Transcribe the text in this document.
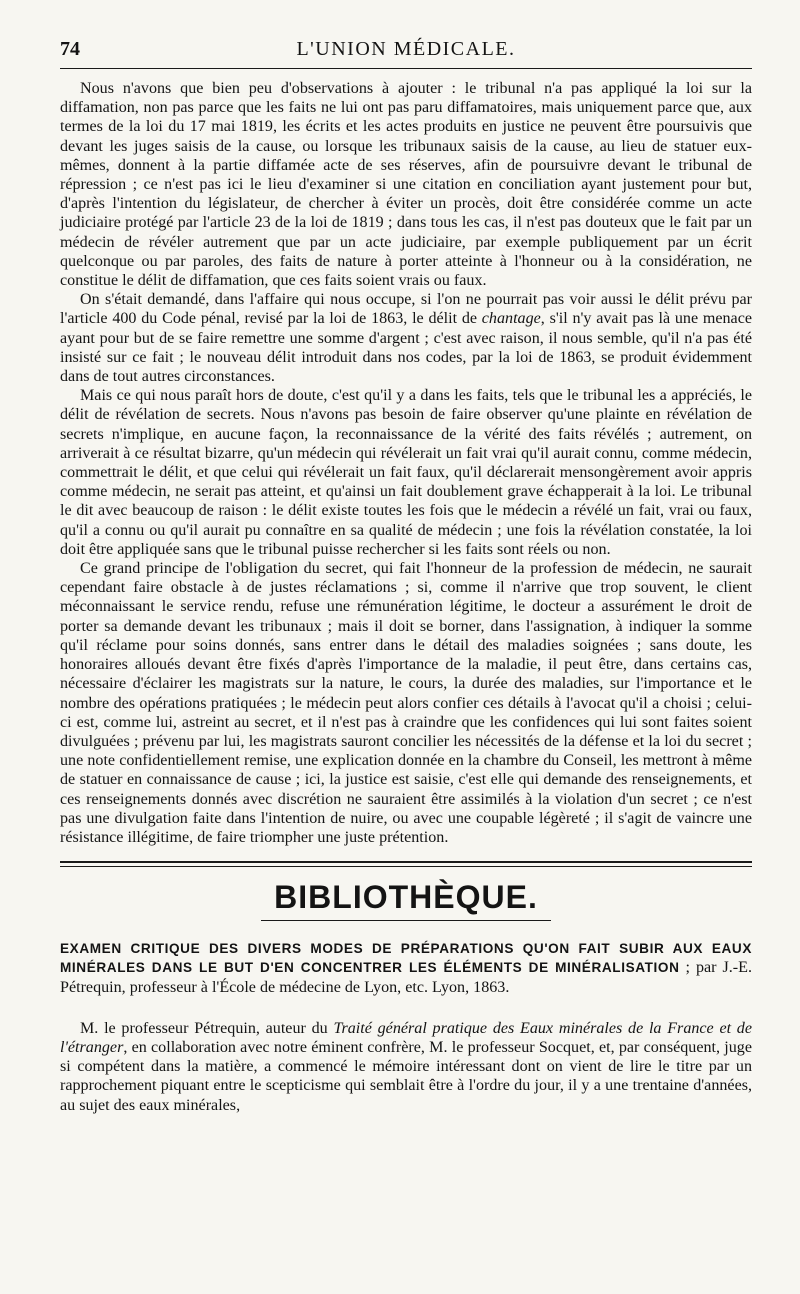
74	L'UNION MÉDICALE.

Nous n'avons que bien peu d'observations à ajouter : le tribunal n'a pas appliqué la loi sur la diffamation, non pas parce que les faits ne lui ont pas paru diffamatoires, mais uniquement parce que, aux termes de la loi du 17 mai 1819, les écrits et les actes produits en justice ne peuvent être poursuivis que devant les juges saisis de la cause, ou lorsque les tribunaux saisis de la cause, au lieu de statuer eux-mêmes, donnent à la partie diffamée acte de ses réserves, afin de poursuivre devant le tribunal de répression ; ce n'est pas ici le lieu d'examiner si une citation en conciliation ayant justement pour but, d'après l'intention du législateur, de chercher à éviter un procès, doit être considérée comme un acte judiciaire protégé par l'article 23 de la loi de 1819 ; dans tous les cas, il n'est pas douteux que le fait par un médecin de révéler autrement que par un acte judiciaire, par exemple publiquement par un écrit quelconque ou par paroles, des faits de nature à porter atteinte à l'honneur ou à la considération, ne constitue le délit de diffamation, que ces faits soient vrais ou faux.

On s'était demandé, dans l'affaire qui nous occupe, si l'on ne pourrait pas voir aussi le délit prévu par l'article 400 du Code pénal, revisé par la loi de 1863, le délit de chantage, s'il n'y avait pas là une menace ayant pour but de se faire remettre une somme d'argent ; c'est avec raison, il nous semble, qu'il n'a pas été insisté sur ce fait ; le nouveau délit introduit dans nos codes, par la loi de 1863, se produit évidemment dans de tout autres circonstances.

Mais ce qui nous paraît hors de doute, c'est qu'il y a dans les faits, tels que le tribunal les a appréciés, le délit de révélation de secrets. Nous n'avons pas besoin de faire observer qu'une plainte en révélation de secrets n'implique, en aucune façon, la reconnaissance de la vérité des faits révélés ; autrement, on arriverait à ce résultat bizarre, qu'un médecin qui révélerait un fait vrai qu'il aurait connu, comme médecin, commettrait le délit, et que celui qui révélerait un fait faux, qu'il déclarerait mensongèrement avoir appris comme médecin, ne serait pas atteint, et qu'ainsi un fait doublement grave échapperait à la loi. Le tribunal le dit avec beaucoup de raison : le délit existe toutes les fois que le médecin a révélé un fait, vrai ou faux, qu'il a connu ou qu'il aurait pu connaître en sa qualité de médecin ; une fois la révélation constatée, la loi doit être appliquée sans que le tribunal puisse rechercher si les faits sont réels ou non.

Ce grand principe de l'obligation du secret, qui fait l'honneur de la profession de médecin, ne saurait cependant faire obstacle à de justes réclamations ; si, comme il n'arrive que trop souvent, le client méconnaissant le service rendu, refuse une rémunération légitime, le docteur a assurément le droit de porter sa demande devant les tribunaux ; mais il doit se borner, dans l'assignation, à indiquer la somme qu'il réclame pour soins donnés, sans entrer dans le détail des maladies soignées ; sans doute, les honoraires alloués devant être fixés d'après l'importance de la maladie, il peut être, dans certains cas, nécessaire d'éclairer les magistrats sur la nature, le cours, la durée des maladies, sur l'importance et le nombre des opérations pratiquées ; le médecin peut alors confier ces détails à l'avocat qu'il a choisi ; celui-ci est, comme lui, astreint au secret, et il n'est pas à craindre que les confidences qui lui sont faites soient divulguées ; prévenu par lui, les magistrats sauront concilier les nécessités de la défense et la loi du secret ; une note confidentiellement remise, une explication donnée en la chambre du Conseil, les mettront à même de statuer en connaissance de cause ; ici, la justice est saisie, c'est elle qui demande des renseignements, et ces renseignements donnés avec discrétion ne sauraient être assimilés à la violation d'un secret ; ce n'est pas une divulgation faite dans l'intention de nuire, ou avec une coupable légèreté ; il s'agit de vaincre une résistance illégitime, de faire triompher une juste prétention.

BIBLIOTHÈQUE.

EXAMEN CRITIQUE DES DIVERS MODES DE PRÉPARATIONS QU'ON FAIT SUBIR AUX EAUX MINÉRALES DANS LE BUT D'EN CONCENTRER LES ÉLÉMENTS DE MINÉRALISATION ; par J.-E. Pétrequin, professeur à l'École de médecine de Lyon, etc. Lyon, 1863.

M. le professeur Pétrequin, auteur du Traité général pratique des Eaux minérales de la France et de l'étranger, en collaboration avec notre éminent confrère, M. le professeur Socquet, et, par conséquent, juge si compétent dans la matière, a commencé le mémoire intéressant dont on vient de lire le titre par un rapprochement piquant entre le scepticisme qui semblait être à l'ordre du jour, il y a une trentaine d'années, au sujet des eaux minérales,
